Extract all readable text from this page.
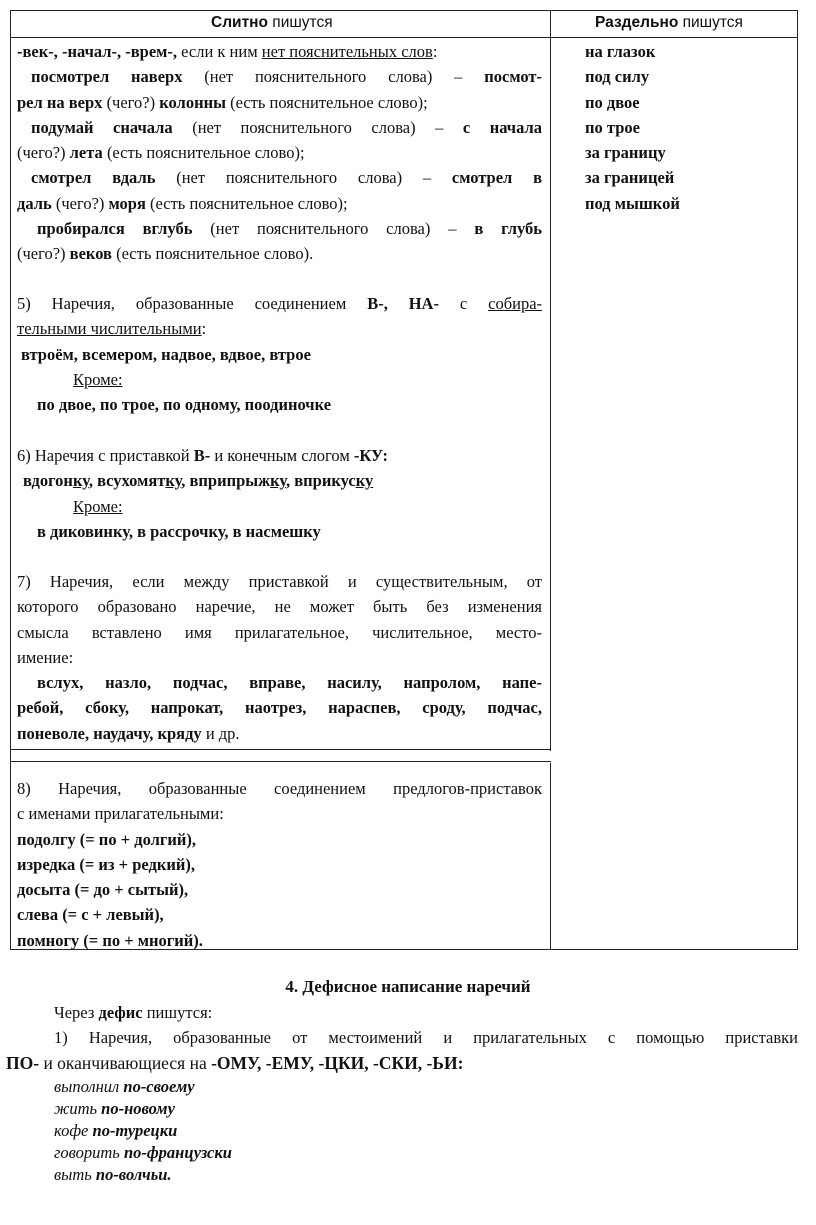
Слитно пишутся	Раздельно пишутся
на глазок
под силу
по двое
по трое
за границу
за границей
под мышкой
-век-, -начал-, -врем-, если к ним нет пояснительных слов:
посмотрел наверх (нет пояснительного слова) – посмот-
рел на верх (чего?) колонны (есть пояснительное слово);
подумай сначала (нет пояснительного слова) – с начала
(чего?) лета (есть пояснительное слово);
смотрел вдаль (нет пояснительного слова) – смотрел в
даль (чего?) моря (есть пояснительное слово);
пробирался вглубь (нет пояснительного слова) – в глубь
(чего?) веков (есть пояснительное слово).
5) Наречия, образованные соединением В-, НА- с собира-
тельными числительными:
втроём, всемером, надвое, вдвое, втрое
Кроме:
по двое, по трое, по одному, поодиночке
6) Наречия с приставкой В- и конечным слогом -КУ:
вдогонку, всухомятку, вприпрыжку, вприкуску
Кроме:
в диковинку, в рассрочку, в насмешку
7) Наречия, если между приставкой и существительным, от
которого образовано наречие, не может быть без изменения
смысла вставлено имя прилагательное, числительное, место-
имение:
вслух, назло, подчас, вправе, насилу, напролом, напе-
ребой, сбоку, напрокат, наотрез, нараспев, сроду, подчас,
поневоле, наудачу, кряду и др.
8) Наречия, образованные соединением предлогов-приставок
с именами прилагательными:
подолгу (= по + долгий),
изредка (= из + редкий),
досыта (= до + сытый),
слева (= с + левый),
помногу (= по + многий).
4. Дефисное написание наречий
Через дефис пишутся:
1) Наречия, образованные от местоимений и прилагательных с помощью приставки
ПО- и оканчивающиеся на -ОМУ, -ЕМУ, -ЦКИ, -СКИ, -ЬИ:
выполнил по-своему
жить по-новому
кофе по-турецки
говорить по-французски
выть по-волчьи.
